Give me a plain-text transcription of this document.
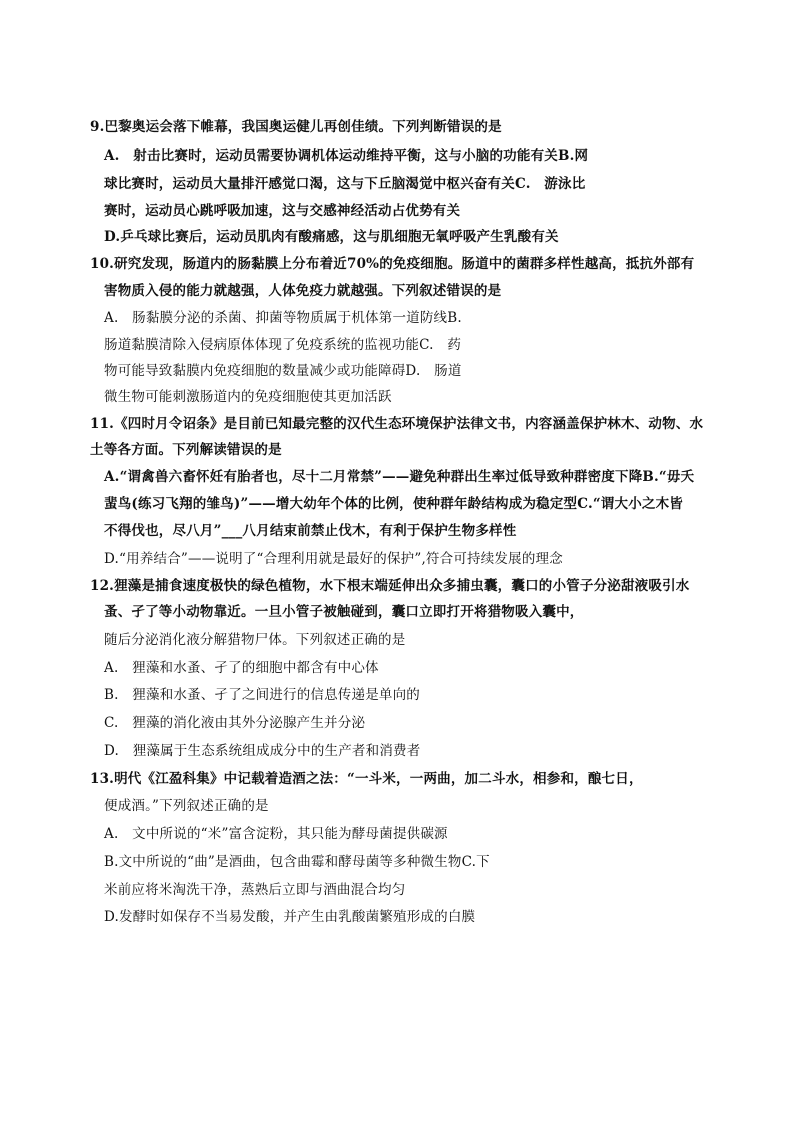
9.巴黎奥运会落下帷幕，我国奥运健儿再创佳绩。下列判断错误的是
A.　射击比赛时，运动员需要协调机体运动维持平衡，这与小脑的功能有关B.网
球比赛时，运动员大量排汗感觉口渴，这与下丘脑渴觉中枢兴奋有关C.　游泳比
赛时，运动员心跳呼吸加速，这与交感神经活动占优势有关
D.乒乓球比赛后，运动员肌肉有酸痛感，这与肌细胞无氧呼吸产生乳酸有关
10.研究发现，肠道内的肠黏膜上分布着近70%的免疫细胞。肠道中的菌群多样性越高，抵抗外部有
害物质入侵的能力就越强，人体免疫力就越强。下列叙述错误的是
A.　肠黏膜分泌的杀菌、抑菌等物质属于机体第一道防线B.
肠道黏膜清除入侵病原体体现了免疫系统的监视功能C.　药
物可能导致黏膜内免疫细胞的数量减少或功能障碍D.　肠道
微生物可能刺激肠道内的免疫细胞使其更加活跃
11.《四时月令诏条》是目前已知最完整的汉代生态环境保护法律文书，内容涵盖保护林木、动物、水
土等各方面。下列解读错误的是
A.“谓禽兽六畜怀妊有胎者也，尽十二月常禁”——避免种群出生率过低导致种群密度下降B.“毋夭
蜚鸟(练习飞翔的雏鸟)”——增大幼年个体的比例，使种群年龄结构成为稳定型C.“谓大小之木皆
不得伐也，尽八月”___八月结束前禁止伐木，有利于保护生物多样性
D.“用养结合”——说明了“合理利用就是最好的保护”,符合可持续发展的理念
12.狸藻是捕食速度极快的绿色植物，水下根末端延伸出众多捕虫囊，囊口的小管子分泌甜液吸引水
蚤、孑了等小动物靠近。一旦小管子被触碰到，囊口立即打开将猎物吸入囊中，
随后分泌消化液分解猎物尸体。下列叙述正确的是
A.　狸藻和水蚤、孑了的细胞中都含有中心体
B.　狸藻和水蚤、孑了之间进行的信息传递是单向的
C.　狸藻的消化液由其外分泌腺产生并分泌
D.　狸藻属于生态系统组成成分中的生产者和消费者
13.明代《江盈科集》中记载着造酒之法：“一斗米，一两曲，加二斗水，相参和，酿七日，
便成酒。”下列叙述正确的是
A.　文中所说的“米”富含淀粉，其只能为酵母菌提供碳源
B.文中所说的“曲”是酒曲，包含曲霉和酵母菌等多种微生物C.下
米前应将米淘洗干净，蒸熟后立即与酒曲混合均匀
D.发酵时如保存不当易发酸，并产生由乳酸菌繁殖形成的白膜
